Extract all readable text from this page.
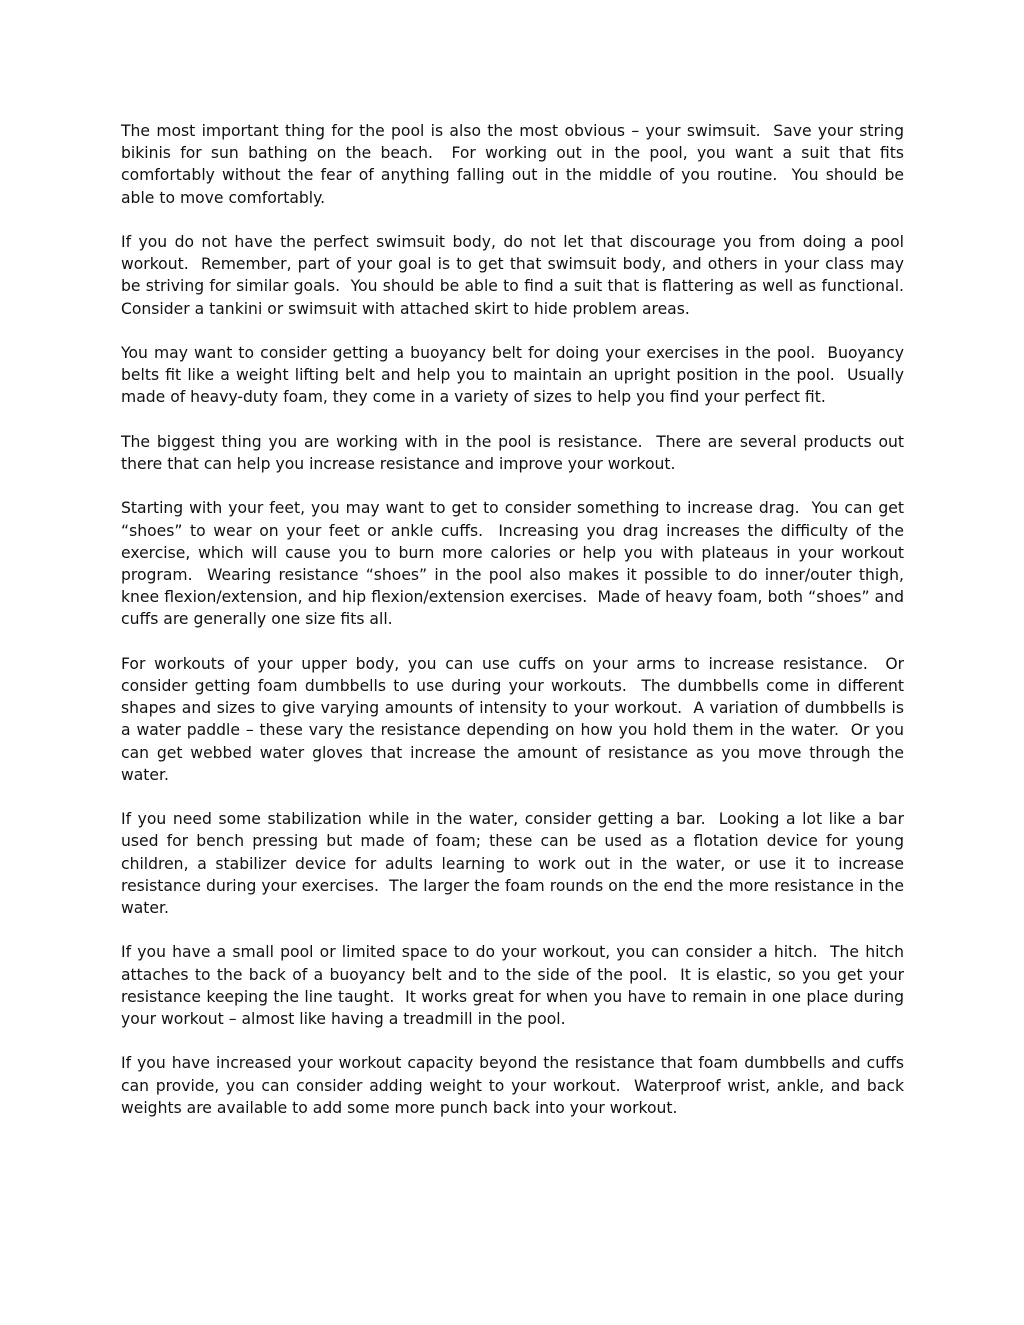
The most important thing for the pool is also the most obvious – your swimsuit.  Save your string bikinis for sun bathing on the beach.  For working out in the pool, you want a suit that fits comfortably without the fear of anything falling out in the middle of you routine.  You should be able to move comfortably.

If you do not have the perfect swimsuit body, do not let that discourage you from doing a pool workout.  Remember, part of your goal is to get that swimsuit body, and others in your class may be striving for similar goals.  You should be able to find a suit that is flattering as well as functional.  Consider a tankini or swimsuit with attached skirt to hide problem areas.

You may want to consider getting a buoyancy belt for doing your exercises in the pool.  Buoyancy belts fit like a weight lifting belt and help you to maintain an upright position in the pool.  Usually made of heavy-duty foam, they come in a variety of sizes to help you find your perfect fit.

The biggest thing you are working with in the pool is resistance.  There are several products out there that can help you increase resistance and improve your workout.

Starting with your feet, you may want to get to consider something to increase drag.  You can get “shoes” to wear on your feet or ankle cuffs.  Increasing you drag increases the difficulty of the exercise, which will cause you to burn more calories or help you with plateaus in your workout program.  Wearing resistance “shoes” in the pool also makes it possible to do inner/outer thigh, knee flexion/extension, and hip flexion/extension exercises.  Made of heavy foam, both “shoes” and cuffs are generally one size fits all.

For workouts of your upper body, you can use cuffs on your arms to increase resistance.  Or consider getting foam dumbbells to use during your workouts.  The dumbbells come in different shapes and sizes to give varying amounts of intensity to your workout.  A variation of dumbbells is a water paddle – these vary the resistance depending on how you hold them in the water.  Or you can get webbed water gloves that increase the amount of resistance as you move through the water.

If you need some stabilization while in the water, consider getting a bar.  Looking a lot like a bar used for bench pressing but made of foam; these can be used as a flotation device for young children, a stabilizer device for adults learning to work out in the water, or use it to increase resistance during your exercises.  The larger the foam rounds on the end the more resistance in the water.

If you have a small pool or limited space to do your workout, you can consider a hitch.  The hitch attaches to the back of a buoyancy belt and to the side of the pool.  It is elastic, so you get your resistance keeping the line taught.  It works great for when you have to remain in one place during your workout – almost like having a treadmill in the pool.

If you have increased your workout capacity beyond the resistance that foam dumbbells and cuffs can provide, you can consider adding weight to your workout.  Waterproof wrist, ankle, and back weights are available to add some more punch back into your workout.
